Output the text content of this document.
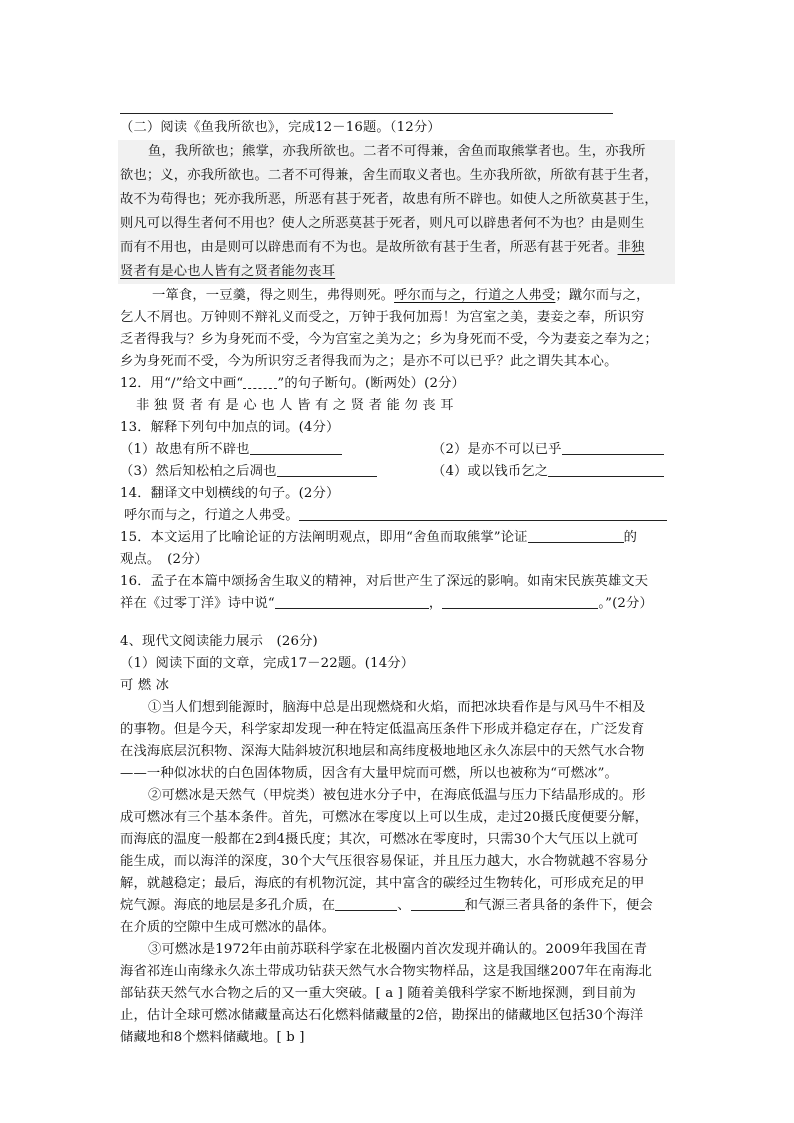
（二）阅读《鱼我所欲也》，完成12－16题。（12分）
鱼，我所欲也；熊掌，亦我所欲也。二者不可得兼，舍鱼而取熊掌者也。生，亦我所
欲也；义，亦我所欲也。二者不可得兼，舍生而取义者也。生亦我所欲，所欲有甚于生者，
故不为苟得也；死亦我所恶，所恶有甚于死者，故患有所不辟也。如使人之所欲莫甚于生，
则凡可以得生者何不用也？使人之所恶莫甚于死者，则凡可以辟患者何不为也？由是则生
而有不用也，由是则可以辟患而有不为也。是故所欲有甚于生者，所恶有甚于死者。非独
贤者有是心也人皆有之贤者能勿丧耳
一箪食，一豆羹，得之则生，弗得则死。呼尔而与之，行道之人弗受；蹴尔而与之，
乞人不屑也。万钟则不辩礼义而受之，万钟于我何加焉！为宫室之美，妻妾之奉，所识穷
乏者得我与？乡为身死而不受，今为宫室之美为之；乡为身死而不受，今为妻妾之奉为之；
乡为身死而不受，今为所识穷乏者得我而为之；是亦不可以已乎？此之谓失其本心。
12．用“/”给文中画“	”的句子断句。(断两处）(2分）
非独贤者有是心也人皆有之贤者能勿丧耳
13．解释下列句中加点的词。(4分）
（1）故患有所不辟也	（2）是亦不可以已乎
（3）然后知松柏之后凋也	（4）或以钱币乞之
14．翻译文中划横线的句子。(2分）
呼尔而与之，行道之人弗受。
15．本文运用了比喻论证的方法阐明观点，即用“舍鱼而取熊掌”论证	的
观点。　(2分）
16．孟子在本篇中颂扬舍生取义的精神，对后世产生了深远的影响。如南宋民族英雄文天
祥在《过零丁洋》诗中说“	，	。”(2分）
4、现代文阅读能力展示　(26分)
（1）阅读下面的文章，完成17－22题。(14分）
可 燃 冰
①当人们想到能源时，脑海中总是出现燃烧和火焰，而把冰块看作是与风马牛不相及
的事物。但是今天，科学家却发现一种在特定低温高压条件下形成并稳定存在，广泛发育
在浅海底层沉积物、深海大陆斜坡沉积地层和高纬度极地地区永久冻层中的天然气水合物
——一种似冰状的白色固体物质，因含有大量甲烷而可燃，所以也被称为“可燃冰”。
②可燃冰是天然气（甲烷类）被包进水分子中，在海底低温与压力下结晶形成的。形
成可燃冰有三个基本条件。首先，可燃冰在零度以上可以生成，走过20摄氏度便要分解，
而海底的温度一般都在2到4摄氏度；其次，可燃冰在零度时，只需30个大气压以上就可
能生成，而以海洋的深度，30个大气压很容易保证，并且压力越大，水合物就越不容易分
解，就越稳定；最后，海底的有机物沉淀，其中富含的碳经过生物转化，可形成充足的甲
烷气源。海底的地层是多孔介质，在	、	和气源三者具备的条件下，便会
在介质的空隙中生成可燃冰的晶体。
③可燃冰是1972年由前苏联科学家在北极圈内首次发现并确认的。2009年我国在青
海省祁连山南缘永久冻土带成功钻获天然气水合物实物样品，这是我国继2007年在南海北
部钻获天然气水合物之后的又一重大突破。[ a ] 随着美俄科学家不断地探测，到目前为
止，估计全球可燃冰储藏量高达石化燃料储藏量的2倍，勘探出的储藏地区包括30个海洋
储藏地和8个燃料储藏地。[ b ]
